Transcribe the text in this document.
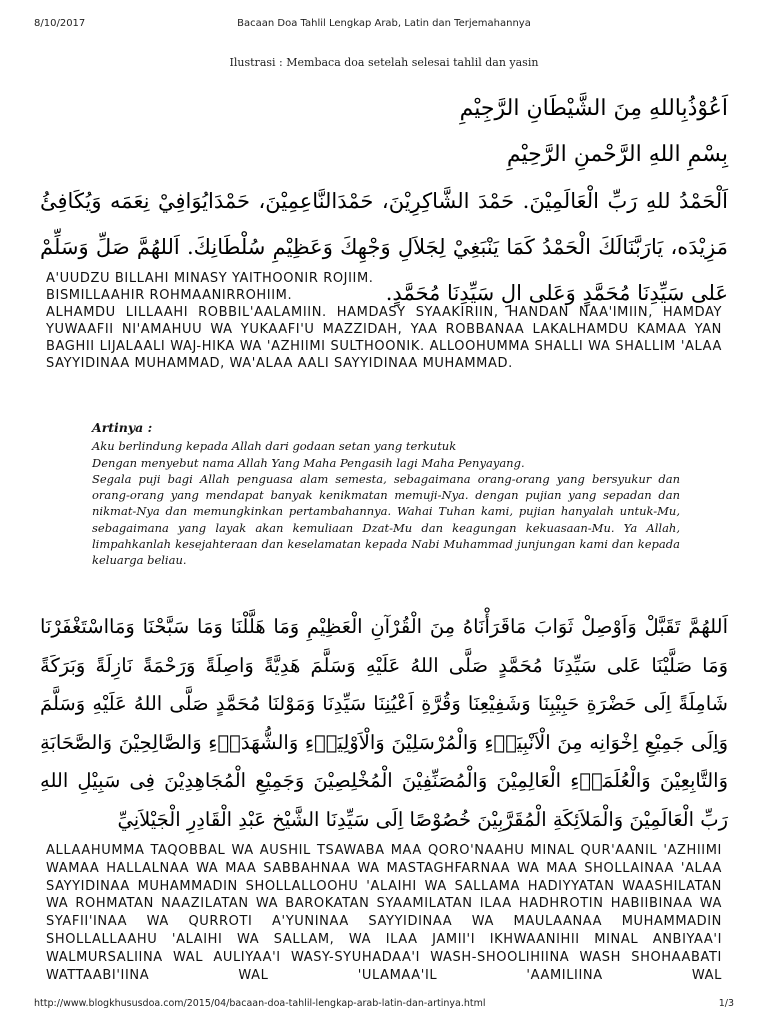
8/10/2017	Bacaan Doa Tahlil Lengkap Arab, Latin dan Terjemahannya
Ilustrasi : Membaca doa setelah selesai tahlil dan yasin
اَعُوْذُبِاللهِ مِنَ الشَّيْطَانِ الرَّجِيْمِ
بِسْمِ اللهِ الرَّحْمنِ الرَّحِيْمِ
اَلْحَمْدُ للهِ رَبِّ الْعَالَمِيْنَ. حَمْدَ الشَّاكِرِيْنَ، حَمْدَالنَّاعِمِيْنَ، حَمْدَايُوَافِيْ نِعَمَه وَيُكَافِئُ مَزِيْدَه، يَارَبَّنَالَكَ الْحَمْدُ كَمَا يَنْبَغِيْ لِجَلاَلِ وَجْهِكَ وَعَظِيْمِ سُلْطَانِكَ. اَللهُمَّ صَلِّ وَسَلِّمْ عَلى سَيِّدِنَا مُحَمَّدٍ وَعَلى الِ سَيِّدِنَا مُحَمَّدٍ.

A'UUDZU BILLAHI MINASY YAITHOONIR ROJIIM.

BISMILLAAHIR ROHMAANIRROHIIM.

ALHAMDU LILLAAHI ROBBIL'AALAMIIN. HAMDASY SYAAKIRIIN, HANDAN NAA'IMIIN, HAMDAY YUWAAFII NI'AMAHUU WA YUKAAFI'U MAZZIDAH, YAA ROBBANAA LAKALHAMDU KAMAA YAN BAGHII LIJALAALI WAJ-HIKA WA 'AZHIIMI SULTHOONIK. ALLOOHUMMA SHALLI WA SHALLIM 'ALAA SAYYIDINAA MUHAMMAD, WA'ALAA AALI SAYYIDINAA MUHAMMAD.

Artinya :

Aku berlindung kepada Allah dari godaan setan yang terkutuk

Dengan menyebut nama Allah Yang Maha Pengasih lagi Maha Penyayang.

Segala puji bagi Allah penguasa alam semesta, sebagaimana orang-orang yang bersyukur dan orang-orang yang mendapat banyak kenikmatan memuji-Nya. dengan pujian yang sepadan dan nikmat-Nya dan memungkinkan pertambahannya. Wahai Tuhan kami, pujian hanyalah untuk-Mu, sebagaimana yang layak akan kemuliaan Dzat-Mu dan keagungan kekuasaan-Mu. Ya Allah, limpahkanlah kesejahteraan dan keselamatan kepada Nabi Muhammad junjungan kami dan kepada keluarga beliau.

اَللهُمَّ تَقَبَّلْ وَاَوْصِلْ ثَوَابَ مَاقَرَأْنَاهُ مِنَ الْقُرْآنِ الْعَظِيْمِ وَمَا هَلَّلْنَا وَمَا سَبَّحْنَا وَمَااسْتَغْفَرْنَا وَمَا صَلَّيْنَا عَلى سَيِّدِنَا مُحَمَّدٍ صَلَّى اللهُ عَلَيْهِ وَسَلَّمَ هَدِيَّةً وَاصِلَةً وَرَحْمَةً نَازِلَةً وَبَرَكَةً شَامِلَةً اِلَى حَضْرَةِ حَبِيْبِنَا وَشَفِيْعِنَا وَقُرَّةِ اَعْيُنِنَا سَيِّدِنَا وَمَوْلنَا مُحَمَّدٍ صَلَّى اللهُ عَلَيْهِ وَسَلَّمَ وَاِلَى جَمِيْعِ اِخْوَانِه مِنَ الْاَنْبِيَاۤءِ وَالْمُرْسَلِيْنَ وَالْاَوْلِيَاۤءِ وَالشُّهَدَاۤءِ وَالصَّالِحِيْنَ وَالصَّحَابَةِ وَالتَّابِعِيْنَ وَالْعُلَمَاۤءِ الْعَالِمِيْنَ وَالْمُصَنِّفِيْنَ الْمُخْلِصِيْنَ وَجَمِيْعِ الْمُجَاهِدِيْنَ فِى سَبِيْلِ اللهِ رَبِّ الْعَالَمِيْنَ وَالْمَلاَئِكَةِ الْمُقَرَّبِيْنَ خُصُوْصًا اِلَى سَيِّدِنَا الشَّيْخ عَبْدِ الْقَادِرِ الْجَيْلاَنِيِّ

ALLAAHUMMA TAQOBBAL WA AUSHIL TSAWABA MAA QORO'NAAHU MINAL QUR'AANIL 'AZHIIMI WAMAA HALLALNAA WA MAA SABBAHNAA WA MASTAGHFARNAA WA MAA SHOLLAINAA 'ALAA SAYYIDINAA MUHAMMADIN SHOLLALLOOHU 'ALAIHI WA SALLAMA HADIYYATAN WAASHILATAN WA ROHMATAN NAAZILATAN WA BAROKATAN SYAAMILATAN ILAA HADHROTIN HABIIBINAA WA SYAFII'INAA WA QURROTI A'YUNINAA SAYYIDINAA WA MAULAANAA MUHAMMADIN SHOLLALLAAHU 'ALAIHI WA SALLAM, WA ILAA JAMII'I IKHWAANIHII MINAL ANBIYAA'I WALMURSALIINA WAL AULIYAA'I WASY-SYUHADAA'I WASH-SHOOLIHIINA WASH SHOHAABATI WATTAABI'IINA WAL 'ULAMAA'IL 'AAMILIINA WAL

http://www.blogkhususdoa.com/2015/04/bacaan-doa-tahlil-lengkap-arab-latin-dan-artinya.html	1/3
